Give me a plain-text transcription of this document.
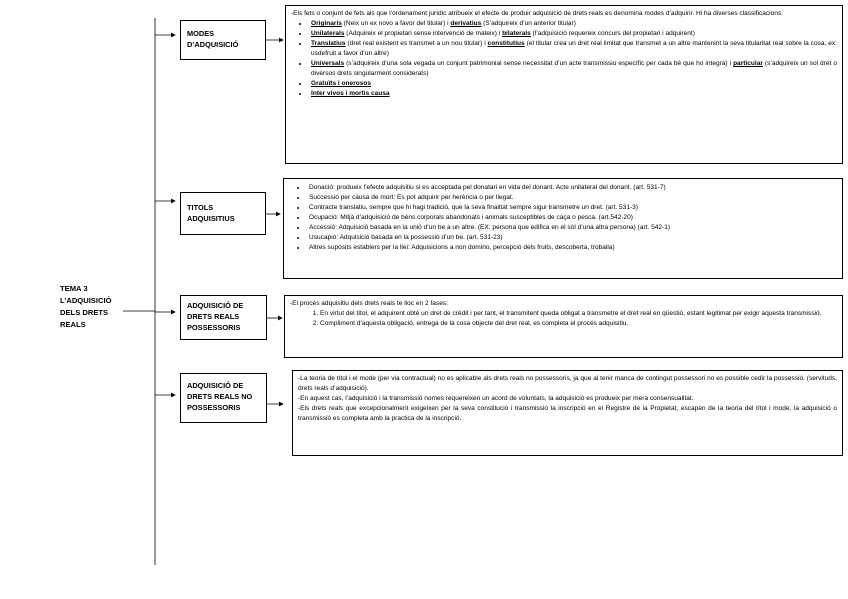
TEMA 3
L’ADQUISICIÓ
DELS DRETS
REALS
MODES
D’ADQUISICIÓ
TITOLS
ADQUISITIUS
ADQUISICIÓ DE
DRETS REALS
POSSESSORIS
ADQUISICIÓ DE
DRETS REALS NO
POSSESSORIS

-Els fets o conjunt de fets als que l’ordenament jurídic atribueix el efecte de produir adquisició de drets reals es denomina modes d’adquirir. Hi ha diverses classificacions:

• Originaris (Neix un ex novo a favor del titular) i derivatius (S’adquireix d’un anterior titular)
• Unilaterals (Adquireix el propietari sense intervenció de mateix) i bilaterals (l’adquisició requereix concurs del propietari i adquirent)
• Translatius (dret real existent es transmet a un nou titular) i constitutius (el titular crea un dret real limitat que transmet a un altre mantenint la seva titularitat real sobre la cosa, ex: usdefruit a favor d’un altre)
• Universals (s’adquireix d’una sola vegada un conjunt patrimonial sense necessitat d’un acte transmissiu específic per cada bé que ho integra) i particular (s’adquireix un sol dret o diversos drets singularment considerats)
• Gratuïts i onerosos
• Inter vivos i mortis causa
• Donació: produeix l’efecte adquisitiu si es acceptada pel donatari en vida del donant. Acte unilateral del donant. (art. 531-7)
• Successió per causa de mort: Es pot adquirir per herència o per llegat.
• Contracte translatiu, sempre que hi hagi tradició, que la seva finalitat sempre sigui transmetre un dret. (art. 531-3)
• Ocupació: Mitjà d’adquisició de béns corporals abandonats i animals susceptibles de caça o pesca. (art.542-20)
• Accessió: Adquisició basada en la unió d’un be a un altre. (EX: persona que edifica en el sòl d’una altra persona) (art. 542-1)
• Usucapió: Adquisició basada en la possessió d’un be. (art. 531-23)
• Altres supòsits establers per la llei: Adquisicions a non domino, percepció dels fruits, descoberta, troballa)

-El procés adquisitiu dels drets reals te lloc en 2 fases:

1. En virtut del títol, el adquirent obté un dret de crèdit i per tant, el transmitent queda obligat a transmetre el dret real en qüestió, estant legitimat per exigir aquesta transmissió.
2. Compliment d’aquesta obligació, entrega de la cosa objecte del dret real, es completa el procés adquisitiu.

-La teoria de títol i el mode (per via contractual) no es aplicable als drets reals no possessoris, ja que al tenir manca de contingut possessori no es possible cedir la possessió. (servituds, drets reals d’adquisició).

-En aquest cas, l’adquisició i la transmissió nomes requereixen un acord de voluntats, la adquisició es produeix per mera consensualitat.

-Els drets reals que excepcionalment exigeixen per la seva constitució i transmissió la inscripció en el Registre de la Propietat, escapen de la teoria del títol i mode, la adquisició o transmissió es completa amb la practica de la inscripció.
